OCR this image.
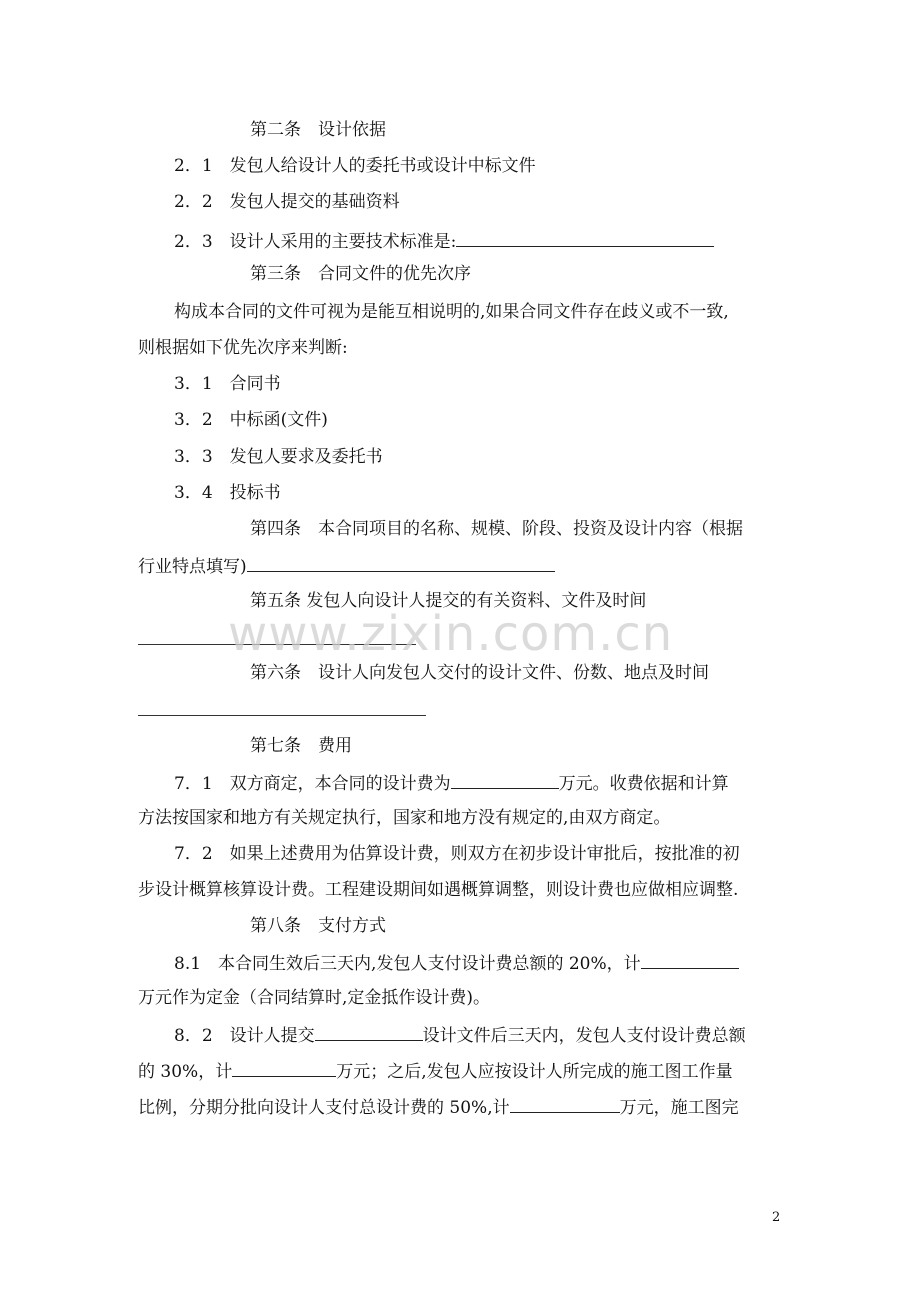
第二条　设计依据
2．1　发包人给设计人的委托书或设计中标文件
2．2　发包人提交的基础资料
2．3　设计人采用的主要技术标准是:
第三条　合同文件的优先次序
构成本合同的文件可视为是能互相说明的,如果合同文件存在歧义或不一致,
则根据如下优先次序来判断:
3．1　合同书
3．2　中标函(文件)
3．3　发包人要求及委托书
3．4　投标书
第四条　本合同项目的名称、规模、阶段、投资及设计内容（根据
行业特点填写)
第五条 发包人向设计人提交的有关资料、文件及时间
第六条　设计人向发包人交付的设计文件、份数、地点及时间
第七条　费用
7．1　双方商定，本合同的设计费为	万元。收费依据和计算
方法按国家和地方有关规定执行，国家和地方没有规定的,由双方商定。
7．2　如果上述费用为估算设计费，则双方在初步设计审批后，按批准的初
步设计概算核算设计费。工程建设期间如遇概算调整，则设计费也应做相应调整.
第八条　支付方式
8.1　本合同生效后三天内,发包人支付设计费总额的 20%，计
万元作为定金（合同结算时,定金抵作设计费)。
8．2　设计人提交	设计文件后三天内，发包人支付设计费总额
的 30%，计	万元；之后,发包人应按设计人所完成的施工图工作量
比例，分期分批向设计人支付总设计费的 50%,计	万元，施工图完
www.zixin.com.cn
2
